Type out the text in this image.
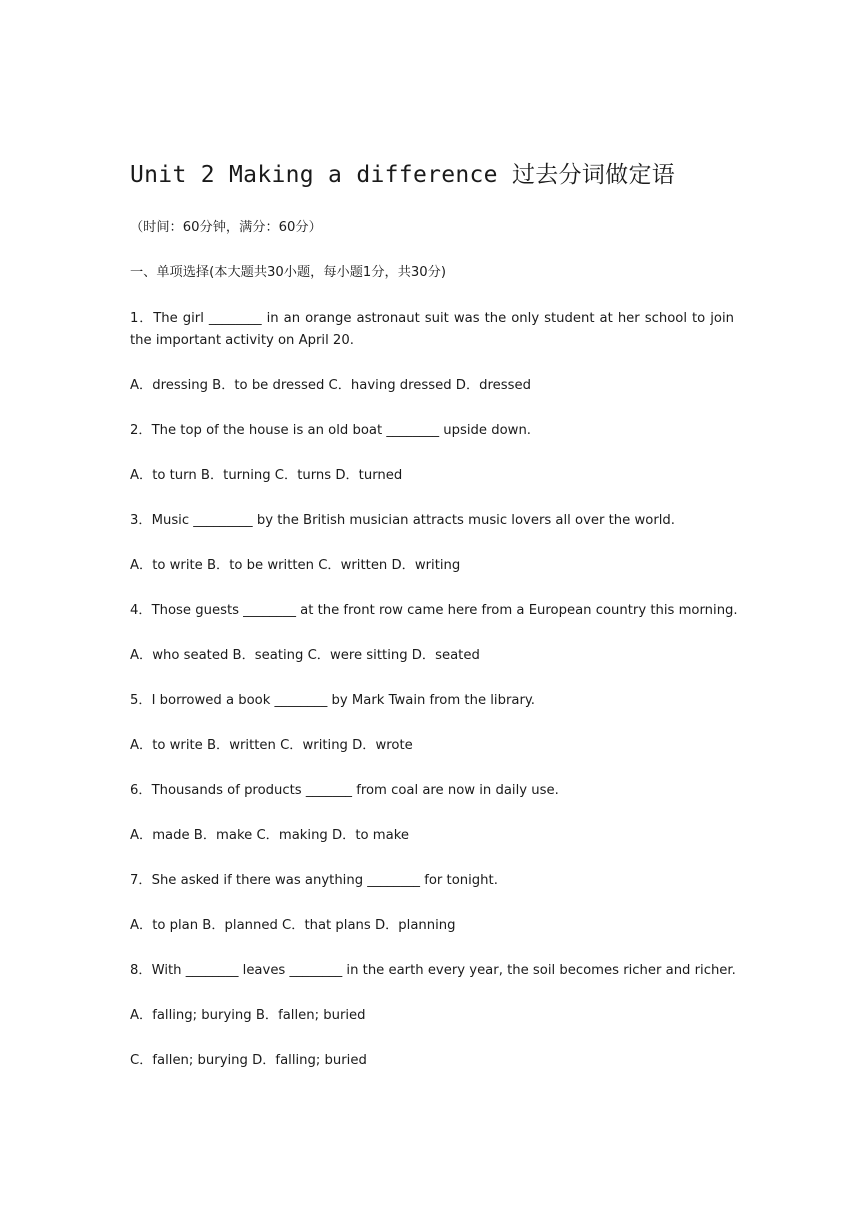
Unit 2 Making a difference 过去分词做定语
（时间：60分钟，满分：60分）
一、单项选择(本大题共30小题，每小题1分，共30分)
1．The girl ________ in an orange astronaut suit was the only student at her school to join the important activity on April 20.
A．dressing B．to be dressed C．having dressed D．dressed
2．The top of the house is an old boat ________ upside down.
A．to turn B．turning C．turns D．turned
3．Music _________ by the British musician attracts music lovers all over the world.
A．to write B．to be written C．written D．writing
4．Those guests ________ at the front row came here from a European country this morning.
A．who seated B．seating C．were sitting D．seated
5．I borrowed a book ________ by Mark Twain from the library.
A．to write B．written C．writing D．wrote
6．Thousands of products _______ from coal are now in daily use.
A．made B．make C．making D．to make
7．She asked if there was anything ________ for tonight.
A．to plan B．planned C．that plans D．planning
8．With ________ leaves ________ in the earth every year, the soil becomes richer and richer.
A．falling; burying B．fallen; buried
C．fallen; burying D．falling; buried
